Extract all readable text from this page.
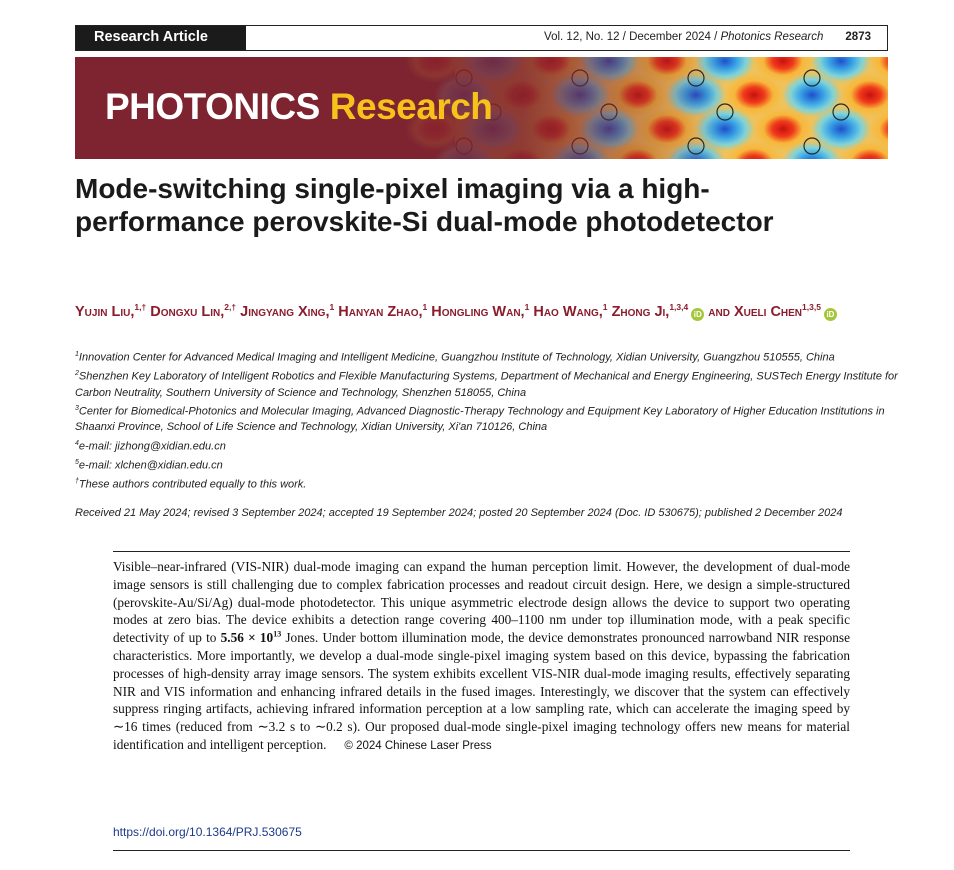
Research Article	Vol. 12, No. 12 / December 2024 / Photonics Research 2873
PHOTONICS Research
Mode-switching single-pixel imaging via a high-performance perovskite-Si dual-mode photodetector
Yujin Liu,$^{1,\dagger}$ Dongxu Lin,$^{2,\dagger}$ Jingyang Xing,$^1$ Hanyan Zhao,$^1$ Hongling Wan,$^1$ Hao Wang,$^1$ Zhong Ji,$^{1,3,4}$iD and Xueli Chen$^{1,3,5}$iD

$^1$Innovation Center for Advanced Medical Imaging and Intelligent Medicine, Guangzhou Institute of Technology, Xidian University, Guangzhou 510555, China

$^2$Shenzhen Key Laboratory of Intelligent Robotics and Flexible Manufacturing Systems, Department of Mechanical and Energy Engineering, SUSTech Energy Institute for Carbon Neutrality, Southern University of Science and Technology, Shenzhen 518055, China

$^3$Center for Biomedical-Photonics and Molecular Imaging, Advanced Diagnostic-Therapy Technology and Equipment Key Laboratory of Higher Education Institutions in Shaanxi Province, School of Life Science and Technology, Xidian University, Xi'an 710126, China

$^4$e-mail: jizhong@xidian.edu.cn

$^5$e-mail: xlchen@xidian.edu.cn

†These authors contributed equally to this work.

Received 21 May 2024; revised 3 September 2024; accepted 19 September 2024; posted 20 September 2024 (Doc. ID 530675); published 2 December 2024

Visible–near-infrared (VIS-NIR) dual-mode imaging can expand the human perception limit. However, the development of dual-mode image sensors is still challenging due to complex fabrication processes and readout circuit design. Here, we design a simple-structured (perovskite-Au/Si/Ag) dual-mode photodetector. This unique asymmetric electrode design allows the device to support two operating modes at zero bias. The device exhibits a detection range covering 400–1100 nm under top illumination mode, with a peak specific detectivity of up to $5.56 \times 10^{13}$ Jones. Under bottom illumination mode, the device demonstrates pronounced narrowband NIR response characteristics. More importantly, we develop a dual-mode single-pixel imaging system based on this device, bypassing the fabrication processes of high-density array image sensors. The system exhibits excellent VIS-NIR dual-mode imaging results, effectively separating NIR and VIS information and enhancing infrared details in the fused images. Interestingly, we discover that the system can effectively suppress ringing artifacts, achieving infrared information perception at a low sampling rate, which can accelerate the imaging speed by ∼16 times (reduced from ∼3.2 s to ∼0.2 s). Our proposed dual-mode single-pixel imaging technology offers new means for material identification and intelligent perception. © 2024 Chinese Laser Press

https://doi.org/10.1364/PRJ.530675
